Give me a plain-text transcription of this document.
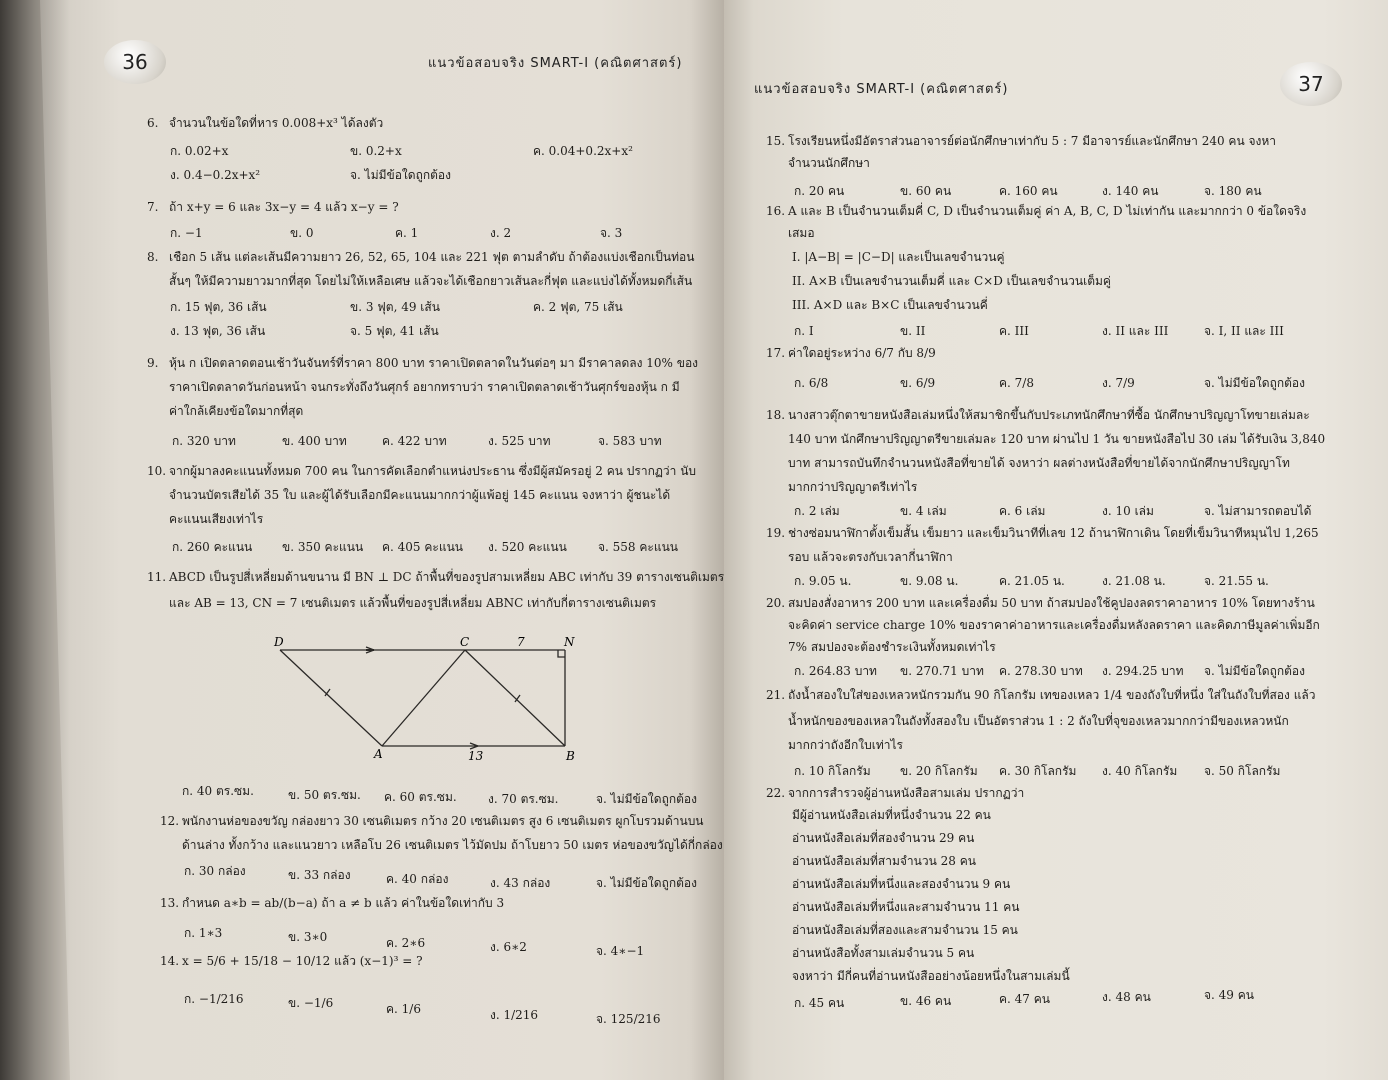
36	แนวข้อสอบจริง SMART-I (คณิตศาสตร์)
6. จำนวนในข้อใดที่หาร 0.008+x³ ได้ลงตัว
ก. 0.02+x	ข. 0.2+x	ค. 0.04+0.2x+x²
ง. 0.4−0.2x+x²	จ. ไม่มีข้อใดถูกต้อง
7. ถ้า x+y = 6 และ 3x−y = 4 แล้ว x−y = ?
ก. −1	ข. 0	ค. 1	ง. 2	จ. 3
8. เชือก 5 เส้น แต่ละเส้นมีความยาว 26, 52, 65, 104 และ 221 ฟุต ตามลำดับ ถ้าต้องแบ่งเชือกเป็นท่อน
สั้นๆ ให้มีความยาวมากที่สุด โดยไม่ให้เหลือเศษ แล้วจะได้เชือกยาวเส้นละกี่ฟุต และแบ่งได้ทั้งหมดกี่เส้น
ก. 15 ฟุต, 36 เส้น	ข. 3 ฟุต, 49 เส้น	ค. 2 ฟุต, 75 เส้น
ง. 13 ฟุต, 36 เส้น	จ. 5 ฟุต, 41 เส้น
9. หุ้น ก เปิดตลาดตอนเช้าวันจันทร์ที่ราคา 800 บาท ราคาเปิดตลาดในวันต่อๆ มา มีราคาลดลง 10% ของ
ราคาเปิดตลาดวันก่อนหน้า จนกระทั่งถึงวันศุกร์ อยากทราบว่า ราคาเปิดตลาดเช้าวันศุกร์ของหุ้น ก มี
ค่าใกล้เคียงข้อใดมากที่สุด
ก. 320 บาท	ข. 400 บาท	ค. 422 บาท	ง. 525 บาท	จ. 583 บาท
10. จากผู้มาลงคะแนนทั้งหมด 700 คน ในการคัดเลือกตำแหน่งประธาน ซึ่งมีผู้สมัครอยู่ 2 คน ปรากฏว่า นับ
จำนวนบัตรเสียได้ 35 ใบ และผู้ได้รับเลือกมีคะแนนมากกว่าผู้แพ้อยู่ 145 คะแนน จงหาว่า ผู้ชนะได้
คะแนนเสียงเท่าไร
ก. 260 คะแนน ข. 350 คะแนน ค. 405 คะแนน ง. 520 คะแนน	จ. 558 คะแนน
11. ABCD เป็นรูปสี่เหลี่ยมด้านขนาน มี BN ⊥ DC ถ้าพื้นที่ของรูปสามเหลี่ยม ABC เท่ากับ 39 ตารางเซนติเมตร
และ AB = 13, CN = 7 เซนติเมตร แล้วพื้นที่ของรูปสี่เหลี่ยม ABNC เท่ากับกี่ตารางเซนติเมตร
D	C	7	N
A	13	B
ก. 40 ตร.ซม.	ข. 50 ตร.ซม. ค. 60 ตร.ซม.	ง. 70 ตร.ซม.	จ. ไม่มีข้อใดถูกต้อง
12. พนักงานห่อของขวัญ กล่องยาว 30 เซนติเมตร กว้าง 20 เซนติเมตร สูง 6 เซนติเมตร ผูกโบรวมด้านบน
ด้านล่าง ทั้งกว้าง และแนวยาว เหลือโบ 26 เซนติเมตร ไว้มัดปม ถ้าโบยาว 50 เมตร ห่อของขวัญได้กี่กล่อง
ก. 30 กล่อง	ข. 33 กล่อง	ค. 40 กล่อง	ง. 43 กล่อง	จ. ไม่มีข้อใดถูกต้อง
13. กำหนด a∗b = ab/(b−a) ถ้า a ≠ b แล้ว ค่าในข้อใดเท่ากับ 3
ก. 1∗3	ข. 3∗0	ค. 2∗6	ง. 6∗2	จ. 4∗−1
14. x = 5/6 + 15/18 − 10/12 แล้ว (x−1)³ = ?
ก. −1/216	ข. −1/6	ค. 1/6	ง. 1/216	จ. 125/216
แนวข้อสอบจริง SMART-I (คณิตศาสตร์)	37
15. โรงเรียนหนึ่งมีอัตราส่วนอาจารย์ต่อนักศึกษาเท่ากับ 5 : 7 มีอาจารย์และนักศึกษา 240 คน จงหา
จำนวนนักศึกษา
ก. 20 คน	ข. 60 คน	ค. 160 คน	ง. 140 คน	จ. 180 คน
16. A และ B เป็นจำนวนเต็มคี่ C, D เป็นจำนวนเต็มคู่ ค่า A, B, C, D ไม่เท่ากัน และมากกว่า 0 ข้อใดจริง
เสมอ
I. |A−B| = |C−D| และเป็นเลขจำนวนคู่
II. A×B เป็นเลขจำนวนเต็มคี่ และ C×D เป็นเลขจำนวนเต็มคู่
III. A×D และ B×C เป็นเลขจำนวนคี่
ก. I	ข. II	ค. III	ง. II และ III	จ. I, II และ III
17. ค่าใดอยู่ระหว่าง 6/7 กับ 8/9
ก. 6/8	ข. 6/9	ค. 7/8	ง. 7/9	จ. ไม่มีข้อใดถูกต้อง
18. นางสาวตุ๊กตาขายหนังสือเล่มหนึ่งให้สมาชิกขึ้นกับประเภทนักศึกษาที่ซื้อ นักศึกษาปริญญาโทขายเล่มละ
140 บาท นักศึกษาปริญญาตรีขายเล่มละ 120 บาท ผ่านไป 1 วัน ขายหนังสือไป 30 เล่ม ได้รับเงิน 3,840
บาท สามารถบันทึกจำนวนหนังสือที่ขายได้ จงหาว่า ผลต่างหนังสือที่ขายได้จากนักศึกษาปริญญาโท
มากกว่าปริญญาตรีเท่าไร
ก. 2 เล่ม	ข. 4 เล่ม	ค. 6 เล่ม	ง. 10 เล่ม	จ. ไม่สามารถตอบได้
19. ช่างซ่อมนาฬิกาตั้งเข็มสั้น เข็มยาว และเข็มวินาทีที่เลข 12 ถ้านาฬิกาเดิน โดยที่เข็มวินาทีหมุนไป 1,265
รอบ แล้วจะตรงกับเวลากี่นาฬิกา
ก. 9.05 น.	ข. 9.08 น.	ค. 21.05 น.	ง. 21.08 น.	จ. 21.55 น.
20. สมปองสั่งอาหาร 200 บาท และเครื่องดื่ม 50 บาท ถ้าสมปองใช้คูปองลดราคาอาหาร 10% โดยทางร้าน
จะคิดค่า service charge 10% ของราคาค่าอาหารและเครื่องดื่มหลังลดราคา และคิดภาษีมูลค่าเพิ่มอีก
7% สมปองจะต้องชำระเงินทั้งหมดเท่าไร
ก. 264.83 บาท ข. 270.71 บาท ค. 278.30 บาท ง. 294.25 บาท จ. ไม่มีข้อใดถูกต้อง
21. ถังน้ำสองใบใส่ของเหลวหนักรวมกัน 90 กิโลกรัม เทของเหลว 1/4 ของถังใบที่หนึ่ง ใส่ในถังใบที่สอง แล้ว
น้ำหนักของของเหลวในถังทั้งสองใบ เป็นอัตราส่วน 1 : 2 ถังใบที่จุของเหลวมากกว่ามีของเหลวหนัก
มากกว่าถังอีกใบเท่าไร
ก. 10 กิโลกรัม ข. 20 กิโลกรัม ค. 30 กิโลกรัม ง. 40 กิโลกรัม จ. 50 กิโลกรัม
22. จากการสำรวจผู้อ่านหนังสือสามเล่ม ปรากฏว่า
มีผู้อ่านหนังสือเล่มที่หนึ่งจำนวน 22 คน
อ่านหนังสือเล่มที่สองจำนวน 29 คน
อ่านหนังสือเล่มที่สามจำนวน 28 คน
อ่านหนังสือเล่มที่หนึ่งและสองจำนวน 9 คน
อ่านหนังสือเล่มที่หนึ่งและสามจำนวน 11 คน
อ่านหนังสือเล่มที่สองและสามจำนวน 15 คน
อ่านหนังสือทั้งสามเล่มจำนวน 5 คน
จงหาว่า มีกี่คนที่อ่านหนังสืออย่างน้อยหนึ่งในสามเล่มนี้
ก. 45 คน	ข. 46 คน	ค. 47 คน	ง. 48 คน	จ. 49 คน
